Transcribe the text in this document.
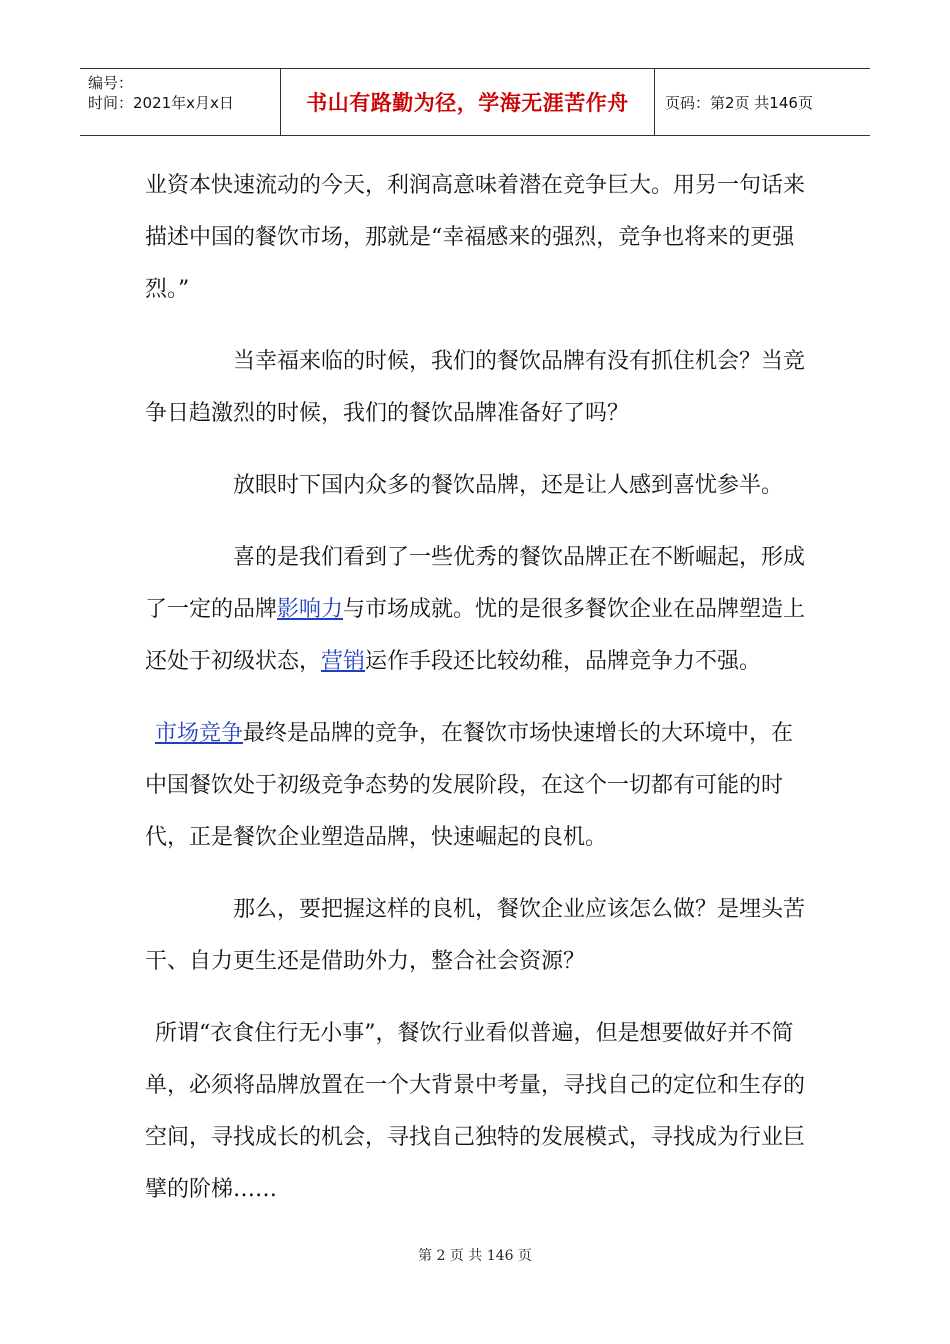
编号：
时间：2021年x月x日	书山有路勤为径，学海无涯苦作舟	页码：第2页 共146页

业资本快速流动的今天，利润高意味着潜在竞争巨大。用另一句话来描述中国的餐饮市场，那就是“幸福感来的强烈，竞争也将来的更强烈。”

当幸福来临的时候，我们的餐饮品牌有没有抓住机会？当竞争日趋激烈的时候，我们的餐饮品牌准备好了吗？

放眼时下国内众多的餐饮品牌，还是让人感到喜忧参半。

喜的是我们看到了一些优秀的餐饮品牌正在不断崛起，形成了一定的品牌影响力与市场成就。忧的是很多餐饮企业在品牌塑造上还处于初级状态，营销运作手段还比较幼稚，品牌竞争力不强。

市场竞争最终是品牌的竞争，在餐饮市场快速增长的大环境中，在中国餐饮处于初级竞争态势的发展阶段，在这个一切都有可能的时代，正是餐饮企业塑造品牌，快速崛起的良机。

那么，要把握这样的良机，餐饮企业应该怎么做？是埋头苦干、自力更生还是借助外力，整合社会资源？

所谓“衣食住行无小事”，餐饮行业看似普遍，但是想要做好并不简单，必须将品牌放置在一个大背景中考量，寻找自己的定位和生存的空间，寻找成长的机会，寻找自己独特的发展模式，寻找成为行业巨擘的阶梯……

第 2 页 共 146 页
